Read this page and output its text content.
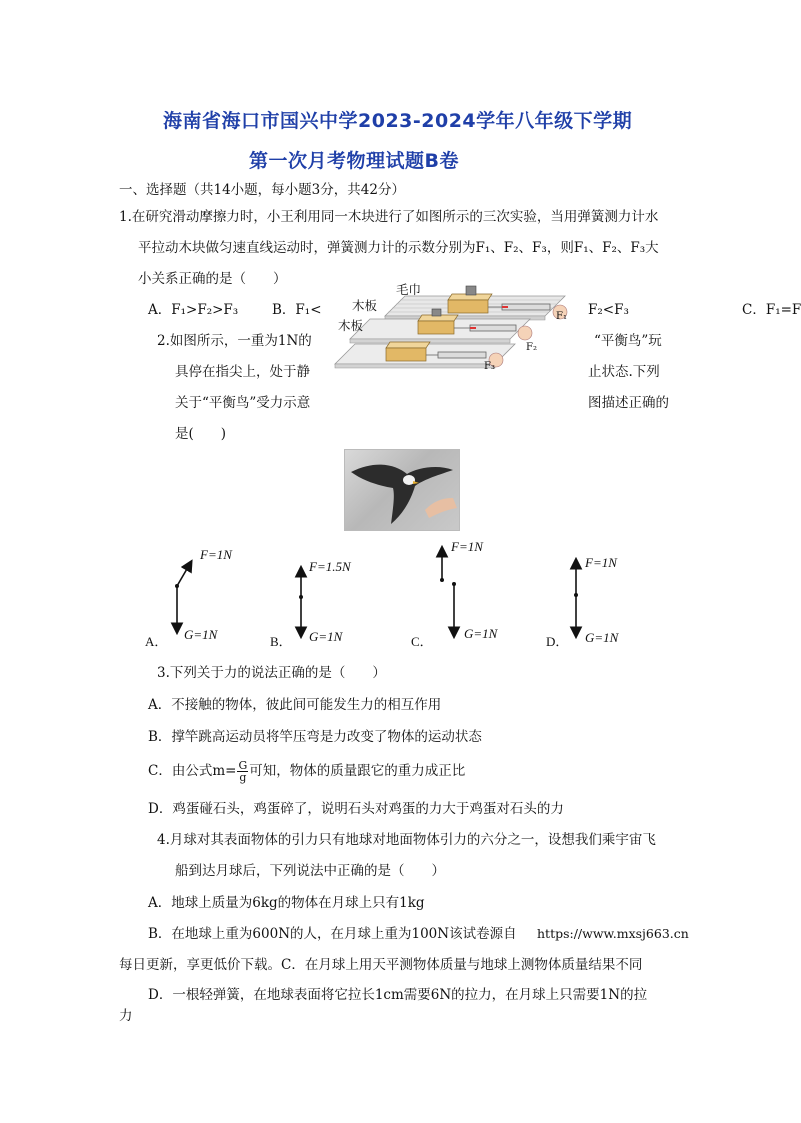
海南省海口市国兴中学2023-2024学年八年级下学期
第一次月考物理试题B卷
一、选择题（共14小题，每小题3分，共42分）
1.在研究滑动摩擦力时，小王利用同一木块进行了如图所示的三次实验，当用弹簧测力计水
平拉动木块做匀速直线运动时，弹簧测力计的示数分别为F₁、F₂、F₃，则F₁、F₂、F₃大
小关系正确的是（　　）
A．F₁>F₂>F₃	B．F₁<	F₂<F₃	C．F₁=F
毛巾
木板
木板
F₁
F₂
F₃
2.如图所示，一重为1N的	“平衡鸟”玩
具停在指尖上，处于静	止状态.下列
关于“平衡鸟”受力示意	图描述正确的
是(　　)
A．
F=1N
G=1N	B．
F=1.5N
G=1N	C．
F=1N
G=1N
D．
F=1N
G=1N
3.下列关于力的说法正确的是（　　）
A．不接触的物体，彼此间可能发生力的相互作用
B．撑竿跳高运动员将竿压弯是力改变了物体的运动状态
C．由公式$m= \frac{G}{g}$ 可知，物体的质量跟它的重力成正比
D．鸡蛋碰石头，鸡蛋碎了，说明石头对鸡蛋的力大于鸡蛋对石头的力
4.月球对其表面物体的引力只有地球对地面物体引力的六分之一，设想我们乘宇宙飞
船到达月球后，下列说法中正确的是（　　）
A．地球上质量为6kg的物体在月球上只有1kg
B．在地球上重为600N的人，在月球上重为100N该试卷源自 https://www.mxsj663.cn
每日更新，享更低价下载。C．在月球上用天平测物体质量与地球上测物体质量结果不同
D．一根轻弹簧，在地球表面将它拉长1cm需要6N的拉力，在月球上只需要1N的拉
力
